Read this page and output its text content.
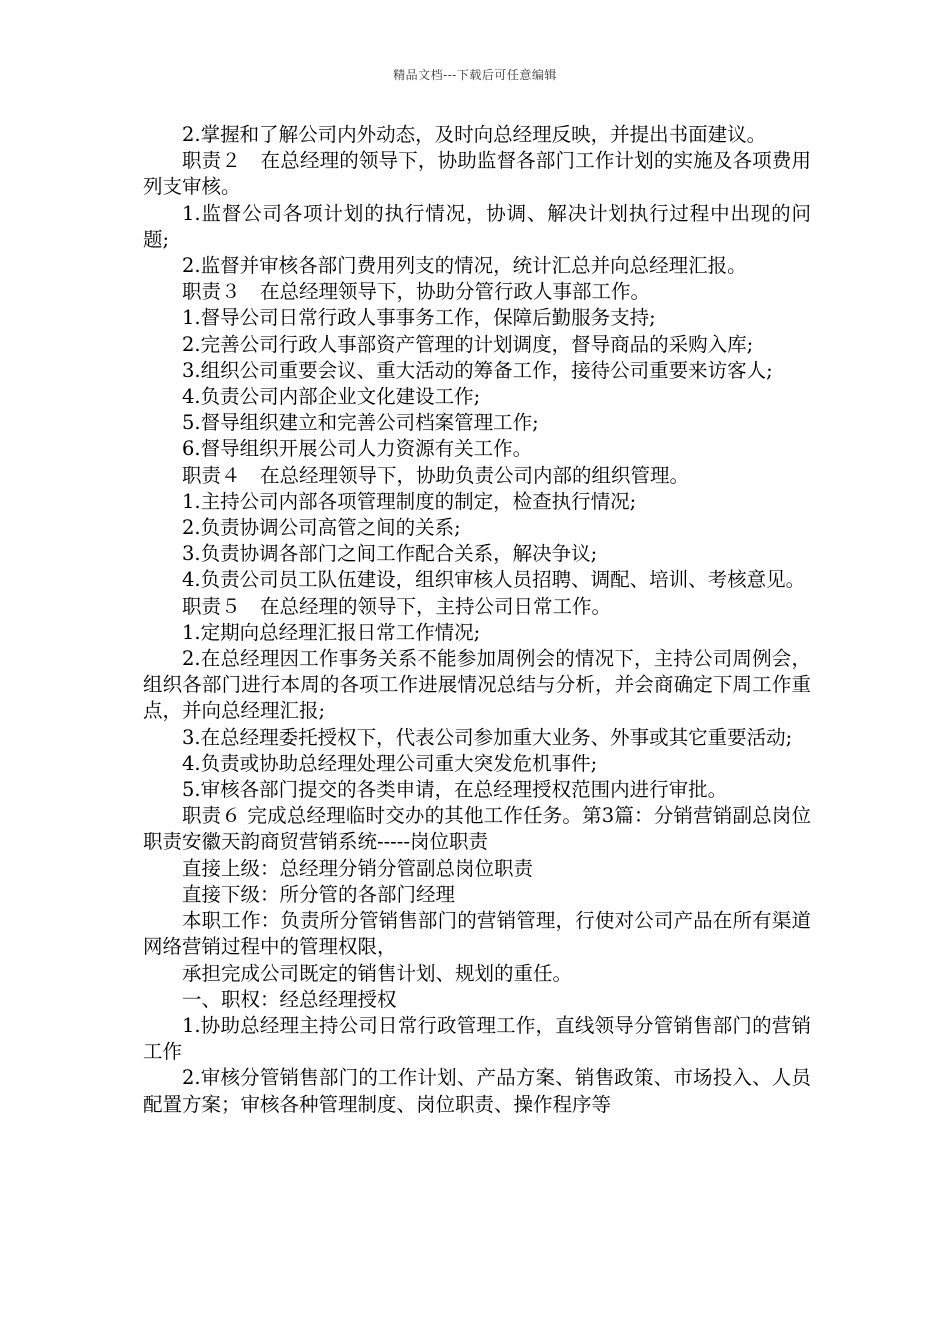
精品文档---下载后可任意编辑

2.掌握和了解公司内外动态，及时向总经理反映，并提出书面建议。

职责２　在总经理的领导下，协助监督各部门工作计划的实施及各项费用列支审核。

1.监督公司各项计划的执行情况，协调、解决计划执行过程中出现的问题;

2.监督并审核各部门费用列支的情况，统计汇总并向总经理汇报。

职责３　在总经理领导下，协助分管行政人事部工作。

1.督导公司日常行政人事事务工作，保障后勤服务支持;

2.完善公司行政人事部资产管理的计划调度，督导商品的采购入库;

3.组织公司重要会议、重大活动的筹备工作，接待公司重要来访客人;

4.负责公司内部企业文化建设工作;

5.督导组织建立和完善公司档案管理工作;

6.督导组织开展公司人力资源有关工作。

职责４　在总经理领导下，协助负责公司内部的组织管理。

1.主持公司内部各项管理制度的制定，检查执行情况;

2.负责协调公司高管之间的关系;

3.负责协调各部门之间工作配合关系，解决争议;

4.负责公司员工队伍建设，组织审核人员招聘、调配、培训、考核意见。

职责５　在总经理的领导下，主持公司日常工作。

1.定期向总经理汇报日常工作情况;

2.在总经理因工作事务关系不能参加周例会的情况下，主持公司周例会，组织各部门进行本周的各项工作进展情况总结与分析，并会商确定下周工作重点，并向总经理汇报;

3.在总经理委托授权下，代表公司参加重大业务、外事或其它重要活动;

4.负责或协助总经理处理公司重大突发危机事件;

5.审核各部门提交的各类申请，在总经理授权范围内进行审批。

职责６ 完成总经理临时交办的其他工作任务。第3篇：分销营销副总岗位职责安徽天韵商贸营销系统-----岗位职责

直接上级：总经理分销分管副总岗位职责

直接下级：所分管的各部门经理

本职工作：负责所分管销售部门的营销管理，行使对公司产品在所有渠道网络营销过程中的管理权限，

承担完成公司既定的销售计划、规划的重任。

一、职权：经总经理授权

1.协助总经理主持公司日常行政管理工作，直线领导分管销售部门的营销工作

2.审核分管销售部门的工作计划、产品方案、销售政策、市场投入、人员配置方案；审核各种管理制度、岗位职责、操作程序等
